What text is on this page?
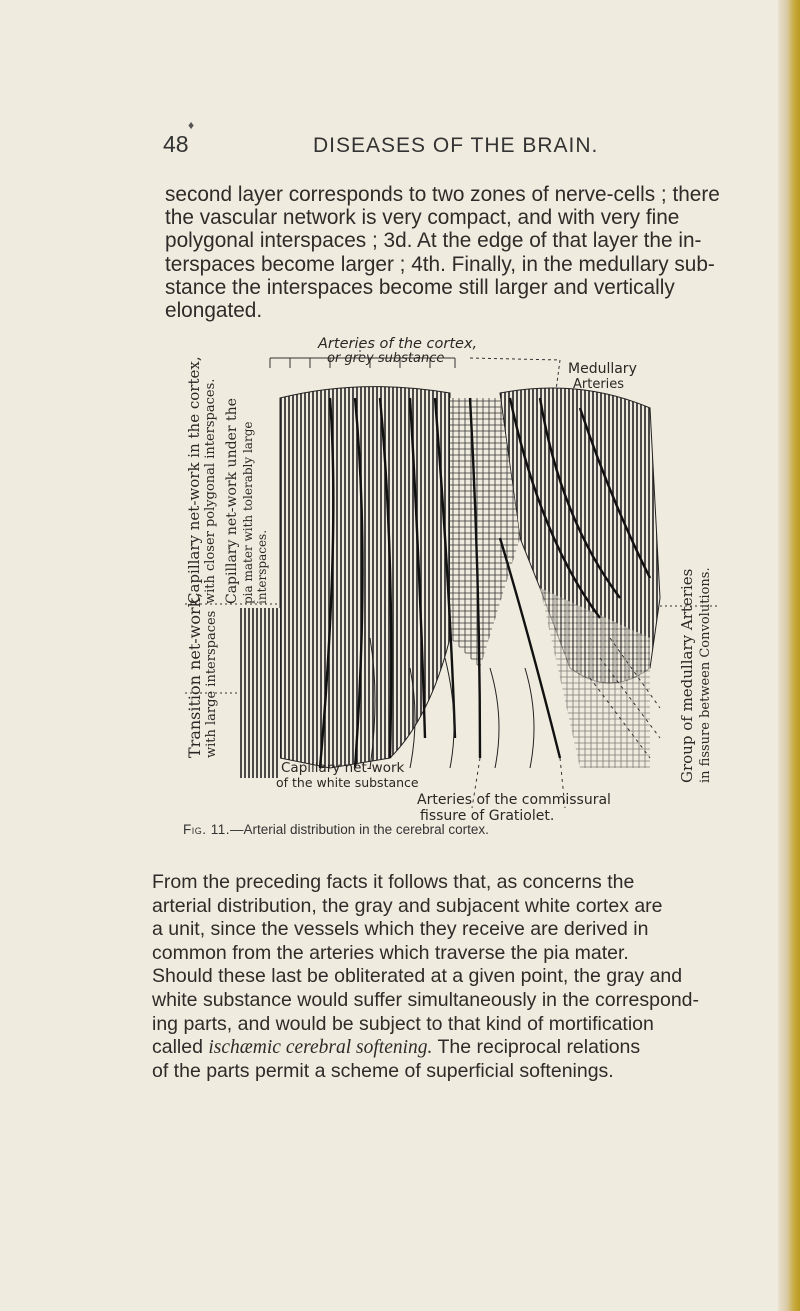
♦
48	DISEASES OF THE BRAIN.
second layer corresponds to two zones of nerve-cells ; there
the vascular network is very compact, and with very fine
polygonal interspaces ; 3d. At the edge of that layer the in-
terspaces become larger ; 4th. Finally, in the medullary sub-
stance the interspaces become still larger and vertically
elongated.
Arteries of the cortex,
or grey substance
Medullary
Arteries
Capillary net-work in the cortex, with closer polygonal interspaces. Capillary net-work under the pia mater with tolerably large interspaces.
Transition net-work, with large interspaces	Group of medullary Arteries in fissure between Convolutions.
Capillary net-work
of the white substance
Arteries of the commissural
fissure of Gratiolet.
Fig. 11.—Arterial distribution in the cerebral cortex.
From the preceding facts it follows that, as concerns the
arterial distribution, the gray and subjacent white cortex are
a unit, since the vessels which they receive are derived in
common from the arteries which traverse the pia mater.
Should these last be obliterated at a given point, the gray and
white substance would suffer simultaneously in the correspond-
ing parts, and would be subject to that kind of mortification
called ischæmic cerebral softening. The reciprocal relations
of the parts permit a scheme of superficial softenings.
